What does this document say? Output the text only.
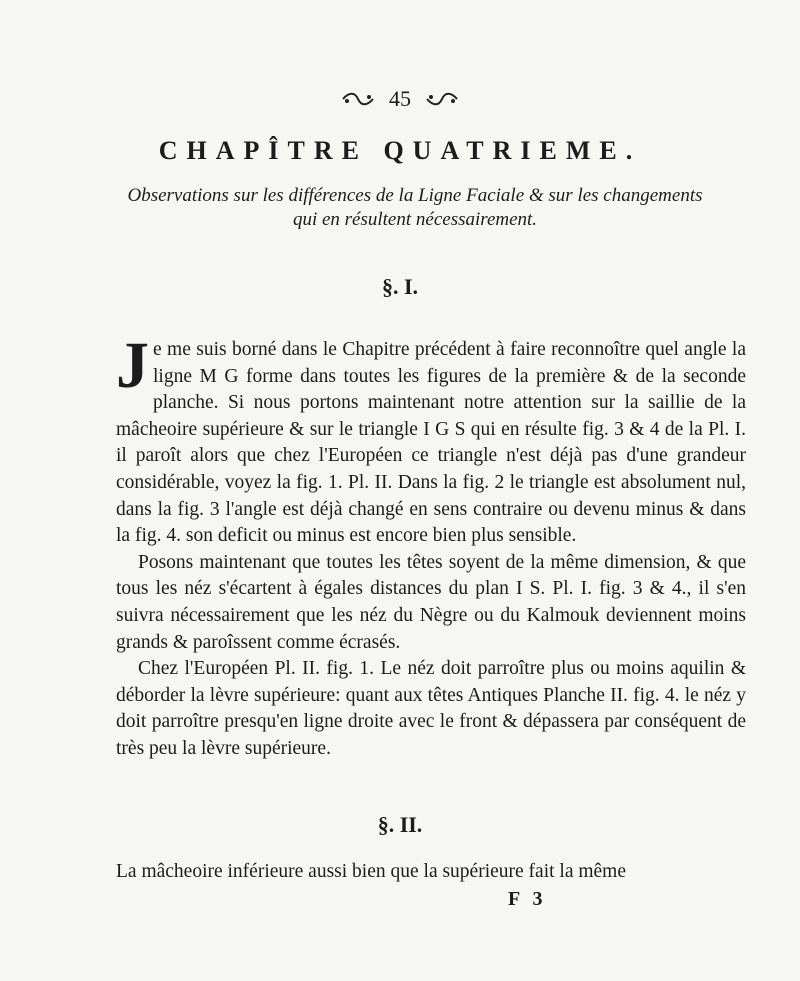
45
CHAPÎTRE QUATRIEME.
Observations sur les différences de la Ligne Faciale & sur les changements qui en résultent nécessairement.
§. I.

Je me suis borné dans le Chapitre précédent à faire reconnoître quel angle la ligne M G forme dans toutes les figures de la première & de la seconde planche. Si nous portons maintenant notre attention sur la saillie de la mâcheoire supérieure & sur le triangle I G S qui en résulte fig. 3 & 4 de la Pl. I. il paroît alors que chez l'Européen ce triangle n'est déjà pas d'une grandeur considérable, voyez la fig. 1. Pl. II. Dans la fig. 2 le triangle est absolument nul, dans la fig. 3 l'angle est déjà changé en sens contraire ou devenu minus & dans la fig. 4. son deficit ou minus est encore bien plus sensible.

Posons maintenant que toutes les têtes soyent de la même dimension, & que tous les néz s'écartent à égales distances du plan I S. Pl. I. fig. 3 & 4., il s'en suivra nécessairement que les néz du Nègre ou du Kalmouk deviennent moins grands & paroîssent comme écrasés.

Chez l'Européen Pl. II. fig. 1. Le néz doit parroître plus ou moins aquilin & déborder la lèvre supérieure: quant aux têtes Antiques Planche II. fig. 4. le néz y doit parroître presqu'en ligne droite avec le front & dépassera par conséquent de très peu la lèvre supérieure.

§. II.

La mâcheoire inférieure aussi bien que la supérieure fait la même

F 3
